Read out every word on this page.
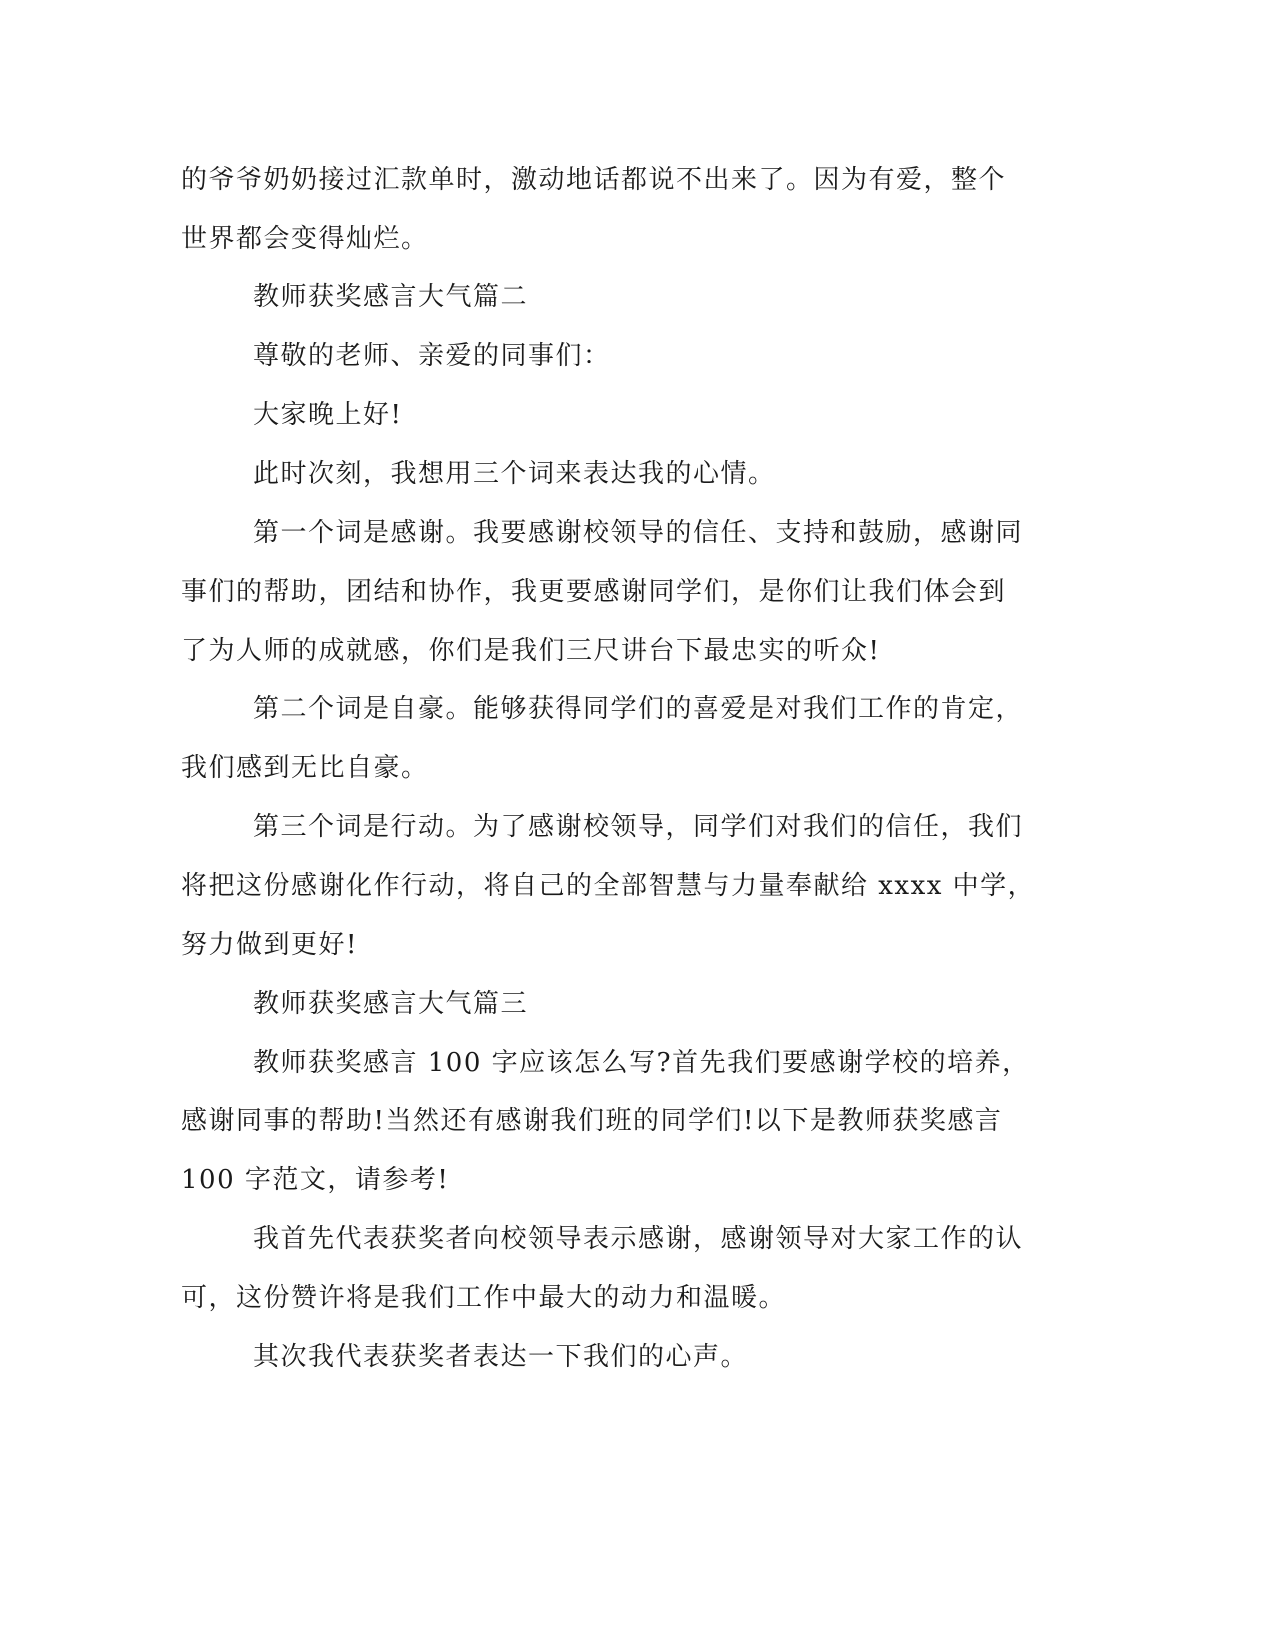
的爷爷奶奶接过汇款单时，激动地话都说不出来了。因为有爱，整个

世界都会变得灿烂。

教师获奖感言大气篇二

尊敬的老师、亲爱的同事们：

大家晚上好!

此时次刻，我想用三个词来表达我的心情。

第一个词是感谢。我要感谢校领导的信任、支持和鼓励，感谢同

事们的帮助，团结和协作，我更要感谢同学们，是你们让我们体会到

了为人师的成就感，你们是我们三尺讲台下最忠实的听众!

第二个词是自豪。能够获得同学们的喜爱是对我们工作的肯定，

我们感到无比自豪。

第三个词是行动。为了感谢校领导，同学们对我们的信任，我们

将把这份感谢化作行动，将自己的全部智慧与力量奉献给 xxxx 中学，

努力做到更好!

教师获奖感言大气篇三

教师获奖感言 100 字应该怎么写?首先我们要感谢学校的培养，

感谢同事的帮助!当然还有感谢我们班的同学们!以下是教师获奖感言

100 字范文，请参考!

我首先代表获奖者向校领导表示感谢，感谢领导对大家工作的认

可，这份赞许将是我们工作中最大的动力和温暖。

其次我代表获奖者表达一下我们的心声。
